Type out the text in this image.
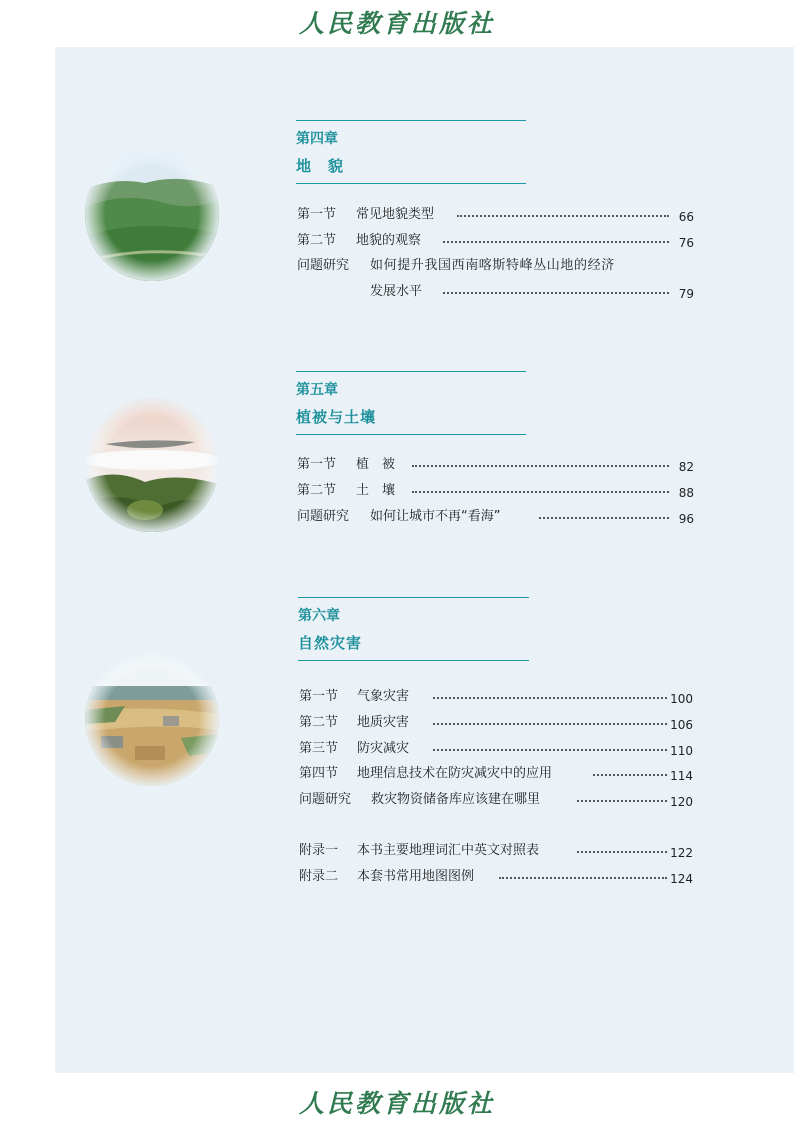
人民教育出版社
第四章
地　貌
第一节 常见地貌类型	66
第二节 地貌的观察	76
问题研究 如何提升我国西南喀斯特峰丛山地的经济
发展水平	79
第五章
植被与土壤
第一节 植　被	82
第二节 土　壤	88
问题研究 如何让城市不再“看海”	96
第六章
自然灾害
第一节 气象灾害	100
第二节 地质灾害	106
第三节 防灾减灾	110
第四节 地理信息技术在防灾减灾中的应用	114
问题研究 救灾物资储备库应该建在哪里	120
附录一 本书主要地理词汇中英文对照表	122
附录二 本套书常用地图图例	124
人民教育出版社
